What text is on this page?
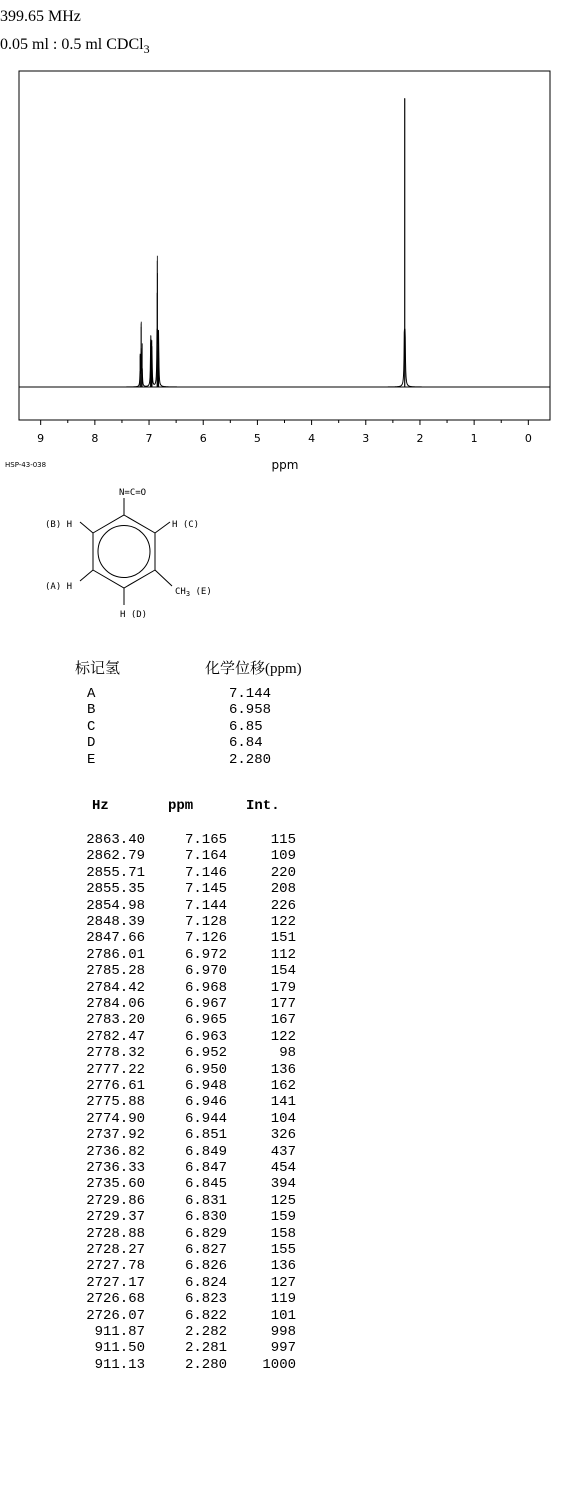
399.65 MHz
0.05 ml : 0.5 ml CDCl$_3$
9	8	7	6	5	4	3	2	1	0
ppm
HSP-43-038
N=C=O
(B) H	H (C)
(A) H	$CH_3$ (E)
H (D)
标记氢	化学位移(ppm)
A	7.144
B	6.958
C	6.85
D	6.84
E	2.280
Hz	ppm	Int.
2863.40	7.165	115
2862.79	7.164	109
2855.71	7.146	220
2855.35	7.145	208
2854.98	7.144	226
2848.39	7.128	122
2847.66	7.126	151
2786.01	6.972	112
2785.28	6.970	154
2784.42	6.968	179
2784.06	6.967	177
2783.20	6.965	167
2782.47	6.963	122
2778.32	6.952	98
2777.22	6.950	136
2776.61	6.948	162
2775.88	6.946	141
2774.90	6.944	104
2737.92	6.851	326
2736.82	6.849	437
2736.33	6.847	454
2735.60	6.845	394
2729.86	6.831	125
2729.37	6.830	159
2728.88	6.829	158
2728.27	6.827	155
2727.78	6.826	136
2727.17	6.824	127
2726.68	6.823	119
2726.07	6.822	101
911.87	2.282	998
911.50	2.281	997
911.13	2.280	1000
